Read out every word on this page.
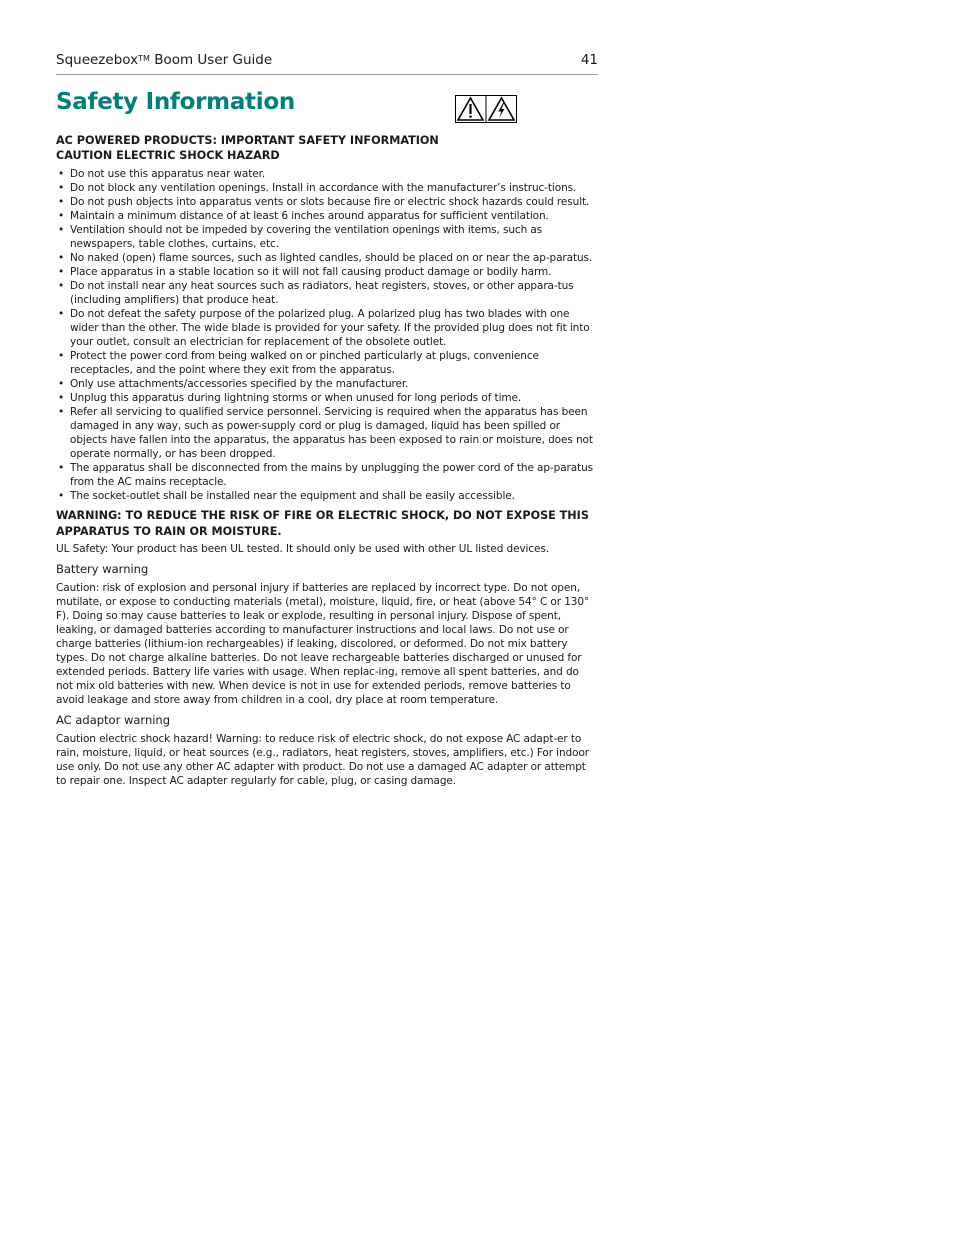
Squeezebox™ Boom User Guide	41
Safety Information

AC POWERED PRODUCTS: IMPORTANT SAFETY INFORMATION

CAUTION ELECTRIC SHOCK HAZARD

• Do not use this apparatus near water.
• Do not block any ventilation openings. Install in accordance with the manufacturer’s instruc-tions.
• Do not push objects into apparatus vents or slots because fire or electric shock hazards could result.
• Maintain a minimum distance of at least 6 inches around apparatus for sufficient ventilation.
• Ventilation should not be impeded by covering the ventilation openings with items, such as newspapers, table clothes, curtains, etc.
• No naked (open) flame sources, such as lighted candles, should be placed on or near the ap-paratus.
• Place apparatus in a stable location so it will not fall causing product damage or bodily harm.
• Do not install near any heat sources such as radiators, heat registers, stoves, or other appara-tus (including amplifiers) that produce heat.
• Do not defeat the safety purpose of the polarized plug. A polarized plug has two blades with one wider than the other. The wide blade is provided for your safety. If the provided plug does not fit into your outlet, consult an electrician for replacement of the obsolete outlet.
• Protect the power cord from being walked on or pinched particularly at plugs, convenience receptacles, and the point where they exit from the apparatus.
• Only use attachments/accessories specified by the manufacturer.
• Unplug this apparatus during lightning storms or when unused for long periods of time.
• Refer all servicing to qualified service personnel. Servicing is required when the apparatus has been damaged in any way, such as power-supply cord or plug is damaged, liquid has been spilled or objects have fallen into the apparatus, the apparatus has been exposed to rain or moisture, does not operate normally, or has been dropped.
• The apparatus shall be disconnected from the mains by unplugging the power cord of the ap-paratus from the AC mains receptacle.
• The socket-outlet shall be installed near the equipment and shall be easily accessible.

WARNING: TO REDUCE THE RISK OF FIRE OR ELECTRIC SHOCK, DO NOT EXPOSE THIS APPARATUS TO RAIN OR MOISTURE.

UL Safety: Your product has been UL tested. It should only be used with other UL listed devices.

Battery warning

Caution: risk of explosion and personal injury if batteries are replaced by incorrect type. Do not open, mutilate, or expose to conducting materials (metal), moisture, liquid, fire, or heat (above 54° C or 130° F). Doing so may cause batteries to leak or explode, resulting in personal injury. Dispose of spent, leaking, or damaged batteries according to manufacturer instructions and local laws. Do not use or charge batteries (lithium-ion rechargeables) if leaking, discolored, or deformed. Do not mix battery types. Do not charge alkaline batteries. Do not leave rechargeable batteries discharged or unused for extended periods. Battery life varies with usage. When replac-ing, remove all spent batteries, and do not mix old batteries with new. When device is not in use for extended periods, remove batteries to avoid leakage and store away from children in a cool, dry place at room temperature.

AC adaptor warning

Caution electric shock hazard! Warning: to reduce risk of electric shock, do not expose AC adapt-er to rain, moisture, liquid, or heat sources (e.g., radiators, heat registers, stoves, amplifiers, etc.) For indoor use only. Do not use any other AC adapter with product. Do not use a damaged AC adapter or attempt to repair one. Inspect AC adapter regularly for cable, plug, or casing damage.
